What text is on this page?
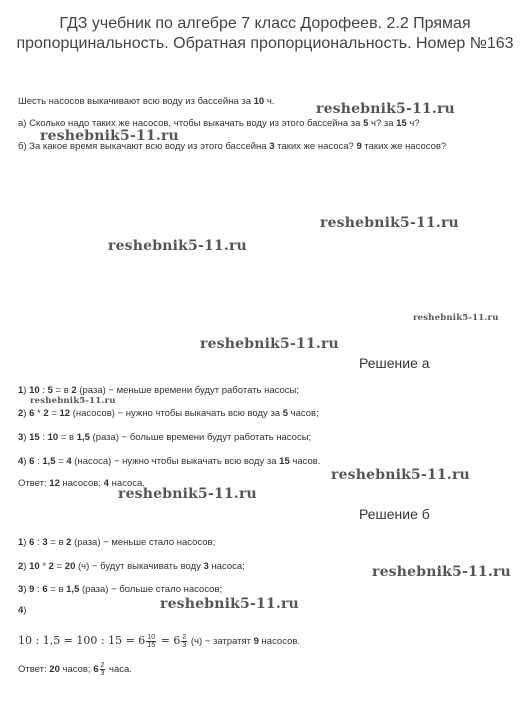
ГДЗ учебник по алгебре 7 класс Дорофеев. 2.2 Прямая пропорцинальность. Обратная пропорциональность. Номер №163
Шесть насосов выкачивают всю воду из бассейна за 10 ч.	reshebnik5-11.ru
а) Сколько надо таких же насосов, чтобы выкачать воду из этого бассейна за 5 ч? за 15 ч?
reshebnik5-11.ru
б) За какое время выкачают всю воду из этого бассейна 3 таких же насоса? 9 таких же насосов?
reshebnik5-11.ru
reshebnik5-11.ru
reshebnik5-11.ru
reshebnik5-11.ru
Решение а
1) 10 : 5 = в 2 (раза) − меньше времени будут работать насосы;
reshebnik5-11.ru
2) 6 * 2 = 12 (насосов) − нужно чтобы выкачать всю воду за 5 часов;
3) 15 : 10 = в 1,5 (раза) − больше времени будут работать насосы;
4) 6 : 1,5 = 4 (насоса) − нужно чтобы выкачать всю воду за 15 часов.
reshebnik5-11.ru
Ответ: 12 насосов; 4 насоса.
reshebnik5-11.ru
Решение б
1) 6 : 3 = в 2 (раза) − меньше стало насосов;
2) 10 * 2 = 20 (ч) − будут выкачивать воду 3 насоса;	reshebnik5-11.ru
3) 9 : 6 = в 1,5 (раза) − больше стало насосов;
reshebnik5-11.ru
4)
10 : 1,5 = 100 : $15 = 6 \frac{10}{15} = 6 \frac{2}{3} (ч)$ − затратят 9 насосов.
Ответ: 20 часов; $6 \frac{2}{3}$ часа.
